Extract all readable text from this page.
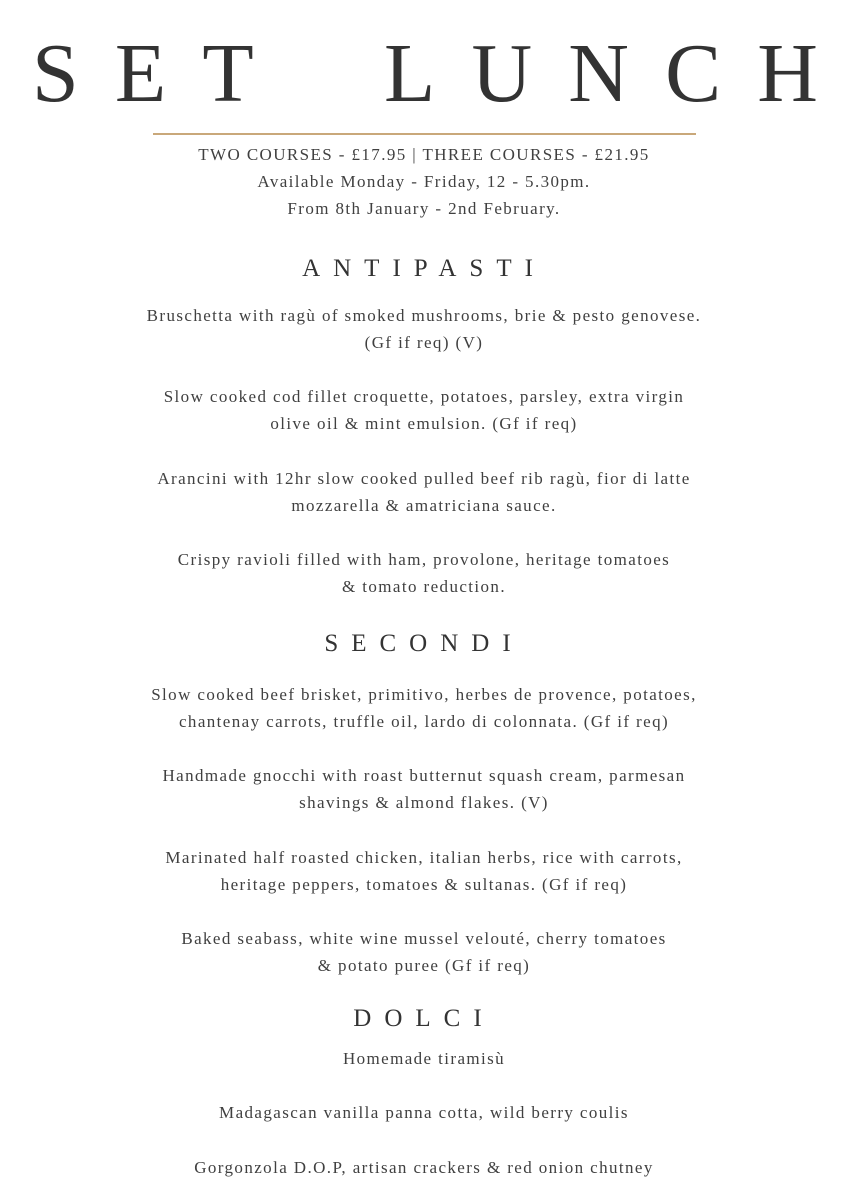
S E T L U N C H
TWO COURSES - £17.95 | THREE COURSES - £21.95
Available Monday - Friday, 12 - 5.30pm.
From 8th January - 2nd February.
ANTIPASTI
Bruschetta with ragù of smoked mushrooms, brie & pesto genovese.
(Gf if req) (V)
Slow cooked cod fillet croquette, potatoes, parsley, extra virgin
olive oil & mint emulsion. (Gf if req)
Arancini with 12hr slow cooked pulled beef rib ragù, fior di latte
mozzarella & amatriciana sauce.
Crispy ravioli filled with ham, provolone, heritage tomatoes
& tomato reduction.
SECONDI
Slow cooked beef brisket, primitivo, herbes de provence, potatoes,
chantenay carrots, truffle oil, lardo di colonnata. (Gf if req)
Handmade gnocchi with roast butternut squash cream, parmesan
shavings & almond flakes. (V)
Marinated half roasted chicken, italian herbs, rice with carrots,
heritage peppers, tomatoes & sultanas. (Gf if req)
Baked seabass, white wine mussel velouté, cherry tomatoes
& potato puree (Gf if req)
DOLCI
Homemade tiramisù
Madagascan vanilla panna cotta, wild berry coulis
Gorgonzola D.O.P, artisan crackers & red onion chutney
